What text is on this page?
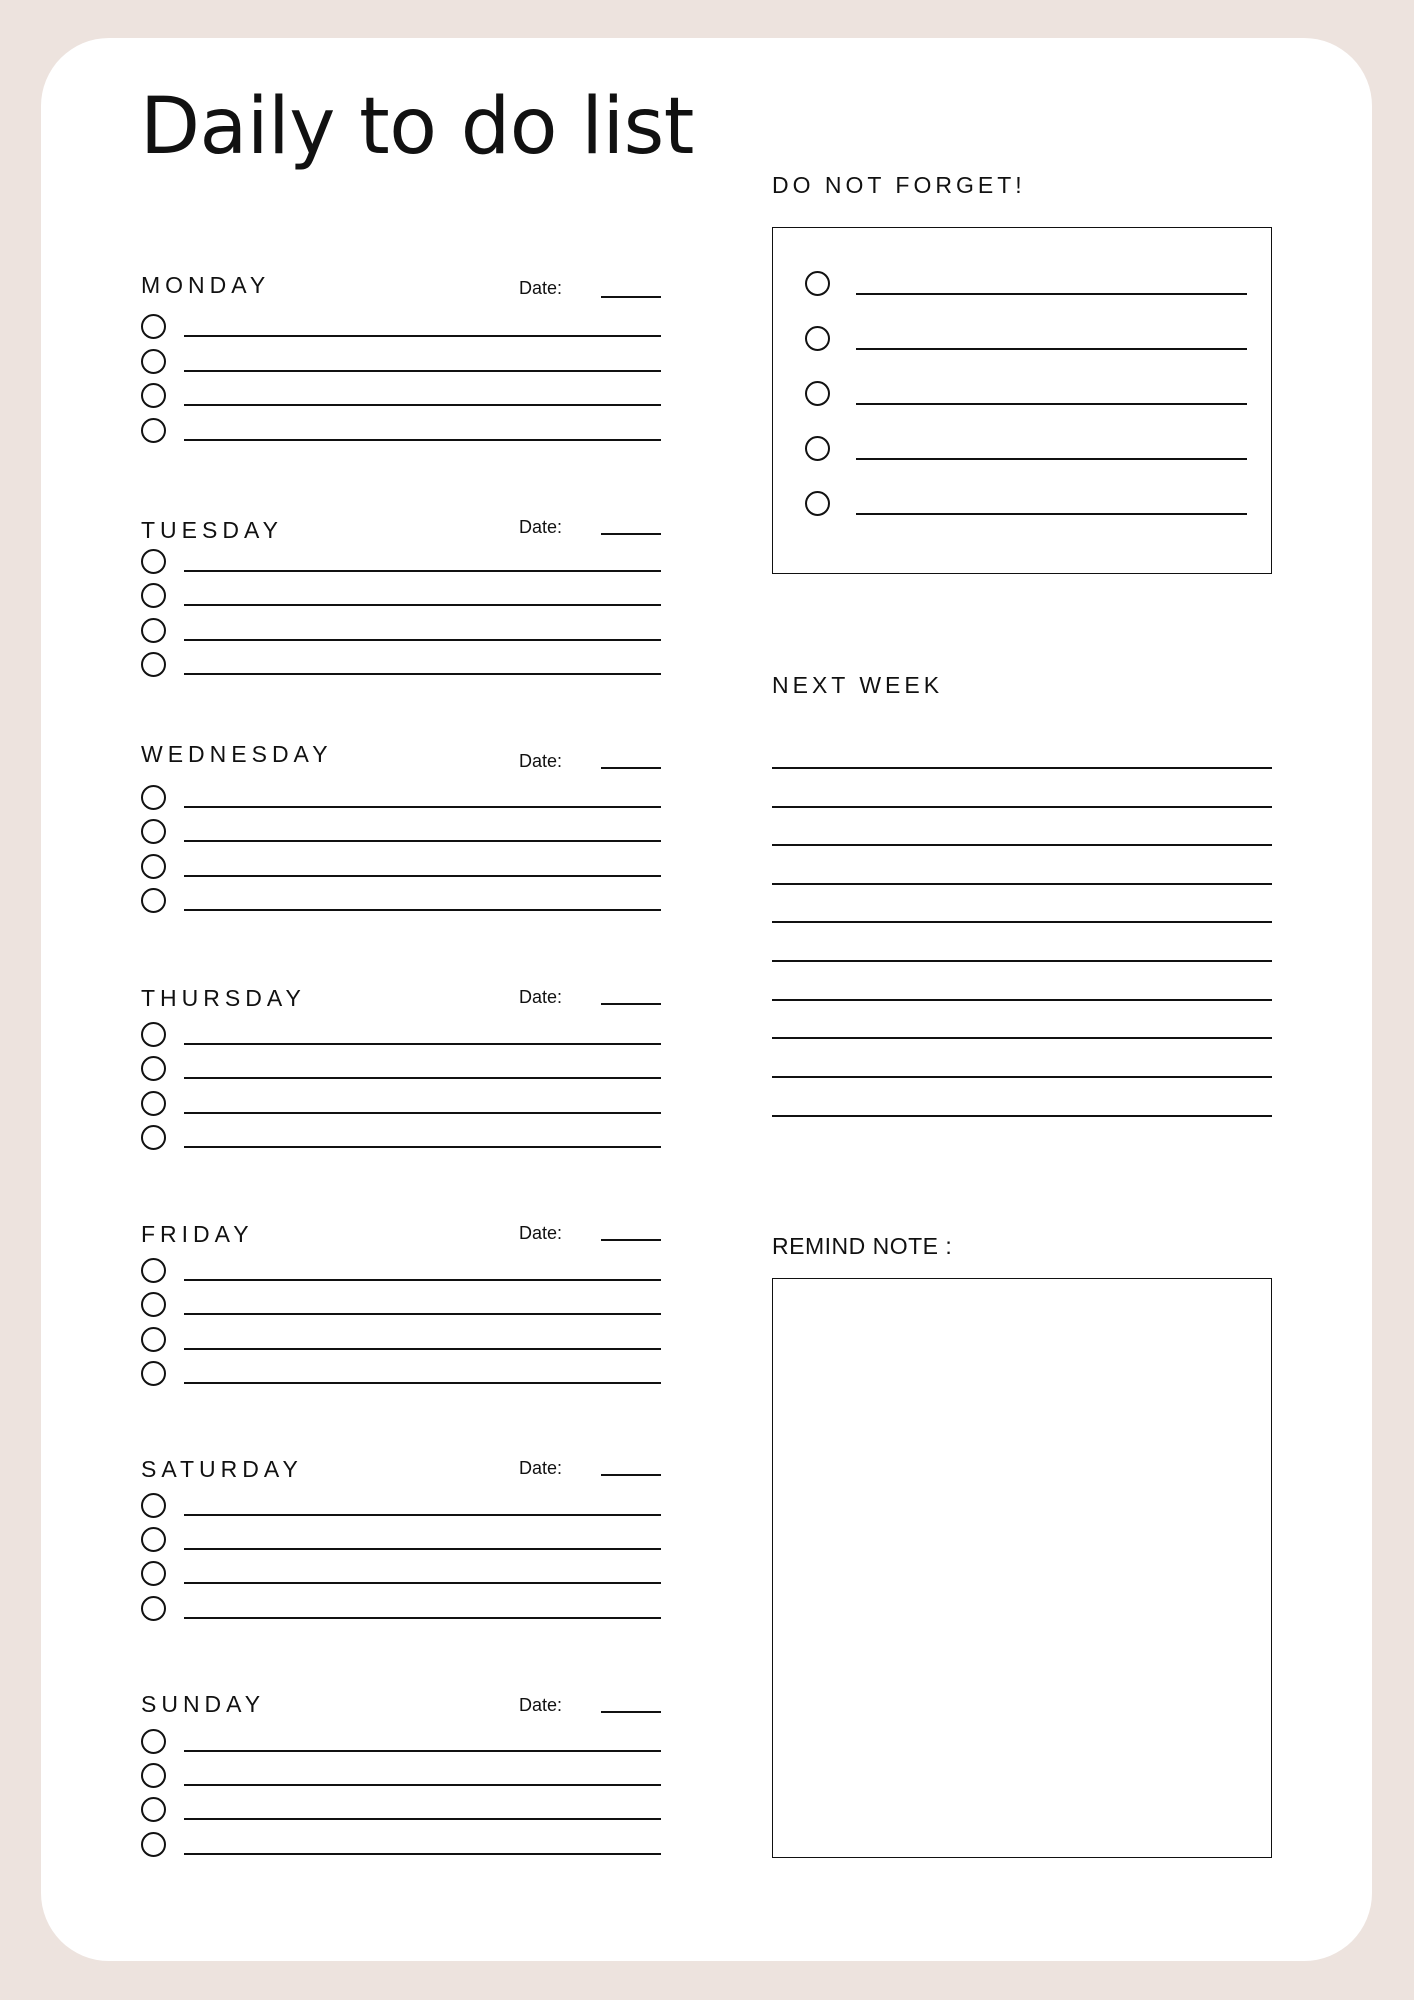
Daily to do list
MONDAY	Date:
TUESDAY	Date:
WEDNESDAY	Date:
THURSDAY	Date:
FRIDAY	Date:
SATURDAY	Date:
SUNDAY	Date:
DO NOT FORGET!
NEXT WEEK
REMIND NOTE :
